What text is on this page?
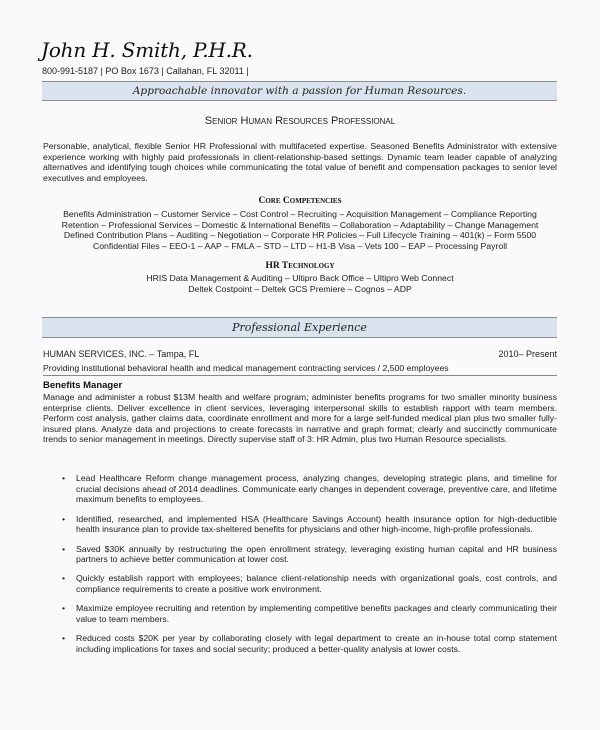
John H. Smith, P.H.R.
800-991-5187 | PO Box 1673 | Callahan, FL 32011 |
Approachable innovator with a passion for Human Resources.
Senior Human Resources Professional
Personable, analytical, flexible Senior HR Professional with multifaceted expertise. Seasoned Benefits Administrator with extensive experience working with highly paid professionals in client-relationship-based settings. Dynamic team leader capable of analyzing alternatives and identifying tough choices while communicating the total value of benefit and compensation packages to senior level executives and employees.
Core Competencies
Benefits Administration – Customer Service – Cost Control – Recruiting – Acquisition Management – Compliance Reporting
Retention – Professional Services – Domestic & International Benefits – Collaboration – Adaptability – Change Management
Defined Contribution Plans – Auditing – Negotiation – Corporate HR Policies – Full Lifecycle Training – 401(k) – Form 5500
Confidential Files – EEO-1 – AAP – FMLA – STD – LTD – H1-B Visa – Vets 100 – EAP – Processing Payroll
HR Technology
HRIS Data Management & Auditing – Ultipro Back Office – Ultipro Web Connect
Deltek Costpoint – Deltek GCS Premiere – Cognos – ADP
Professional Experience
HUMAN SERVICES, INC. – Tampa, FL	2010– Present
Providing institutional behavioral health and medical management contracting services / 2,500 employees
Benefits Manager
Manage and administer a robust $13M health and welfare program; administer benefits programs for two smaller minority business enterprise clients. Deliver excellence in client services, leveraging interpersonal skills to establish rapport with team members. Perform cost analysis, gather claims data, coordinate enrollment and more for a large self-funded medical plan plus two smaller fully-insured plans. Analyze data and projections to create forecasts in narrative and graph format; clearly and succinctly communicate trends to senior management in meetings. Directly supervise staff of 3: HR Admin, plus two Human Resource specialists.
• Lead Healthcare Reform change management process, analyzing changes, developing strategic plans, and timeline for crucial decisions ahead of 2014 deadlines. Communicate early changes in dependent coverage, preventive care, and lifetime maximum benefits to employees.
• Identified, researched, and implemented HSA (Healthcare Savings Account) health insurance option for high-deductible health insurance plan to provide tax-sheltered benefits for physicians and other high-income, high-profile professionals.
• Saved $30K annually by restructuring the open enrollment strategy, leveraging existing human capital and HR business partners to achieve better communication at lower cost.
• Quickly establish rapport with employees; balance client-relationship needs with organizational goals, cost controls, and compliance requirements to create a positive work environment.
• Maximize employee recruiting and retention by implementing competitive benefits packages and clearly communicating their value to team members.
• Reduced costs $20K per year by collaborating closely with legal department to create an in-house total comp statement including implications for taxes and social security; produced a better-quality analysis at lower costs.
